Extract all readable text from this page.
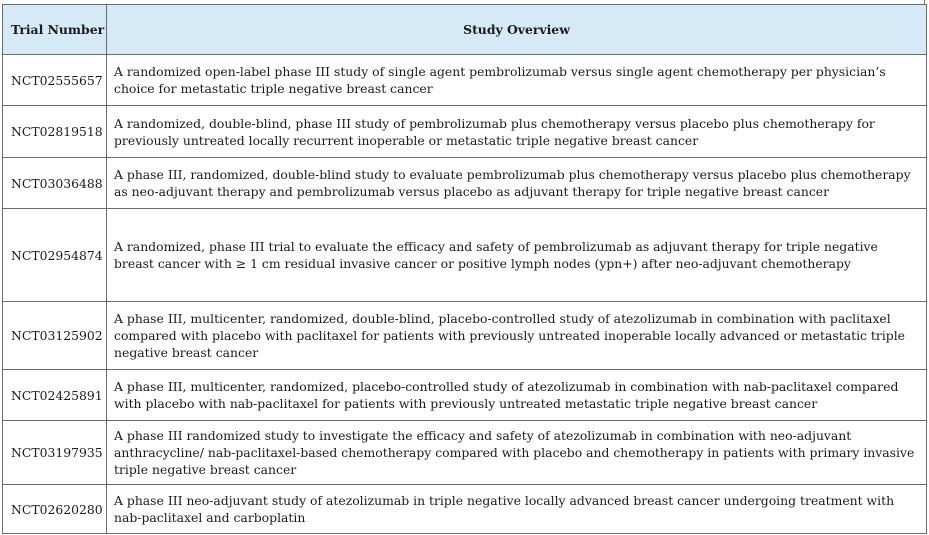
Trial Number	Study Overview
NCT02555657	A randomized open-label phase III study of single agent pembrolizumab versus single agent chemotherapy per physician’s choice for metastatic triple negative breast cancer
NCT02819518	A randomized, double-blind, phase III study of pembrolizumab plus chemotherapy versus placebo plus chemotherapy for previously untreated locally recurrent inoperable or metastatic triple negative breast cancer
NCT03036488	A phase III, randomized, double-blind study to evaluate pembrolizumab plus chemotherapy versus placebo plus chemotherapy as neo-adjuvant therapy and pembrolizumab versus placebo as adjuvant therapy for triple negative breast cancer
NCT02954874	A randomized, phase III trial to evaluate the efficacy and safety of pembrolizumab as adjuvant therapy for triple negative breast cancer with ≥ 1 cm residual invasive cancer or positive lymph nodes (ypn+) after neo-adjuvant chemotherapy
NCT03125902	A phase III, multicenter, randomized, double-blind, placebo-controlled study of atezolizumab in combination with paclitaxel compared with placebo with paclitaxel for patients with previously untreated inoperable locally advanced or metastatic triple negative breast cancer
NCT02425891	A phase III, multicenter, randomized, placebo-controlled study of atezolizumab in combination with nab-paclitaxel compared with placebo with nab-paclitaxel for patients with previously untreated metastatic triple negative breast cancer
NCT03197935	A phase III randomized study to investigate the efficacy and safety of atezolizumab in combination with neo-adjuvant anthracycline/ nab-paclitaxel-based chemotherapy compared with placebo and chemotherapy in patients with primary invasive triple negative breast cancer
NCT02620280	A phase III neo-adjuvant study of atezolizumab in triple negative locally advanced breast cancer undergoing treatment with nab-paclitaxel and carboplatin
